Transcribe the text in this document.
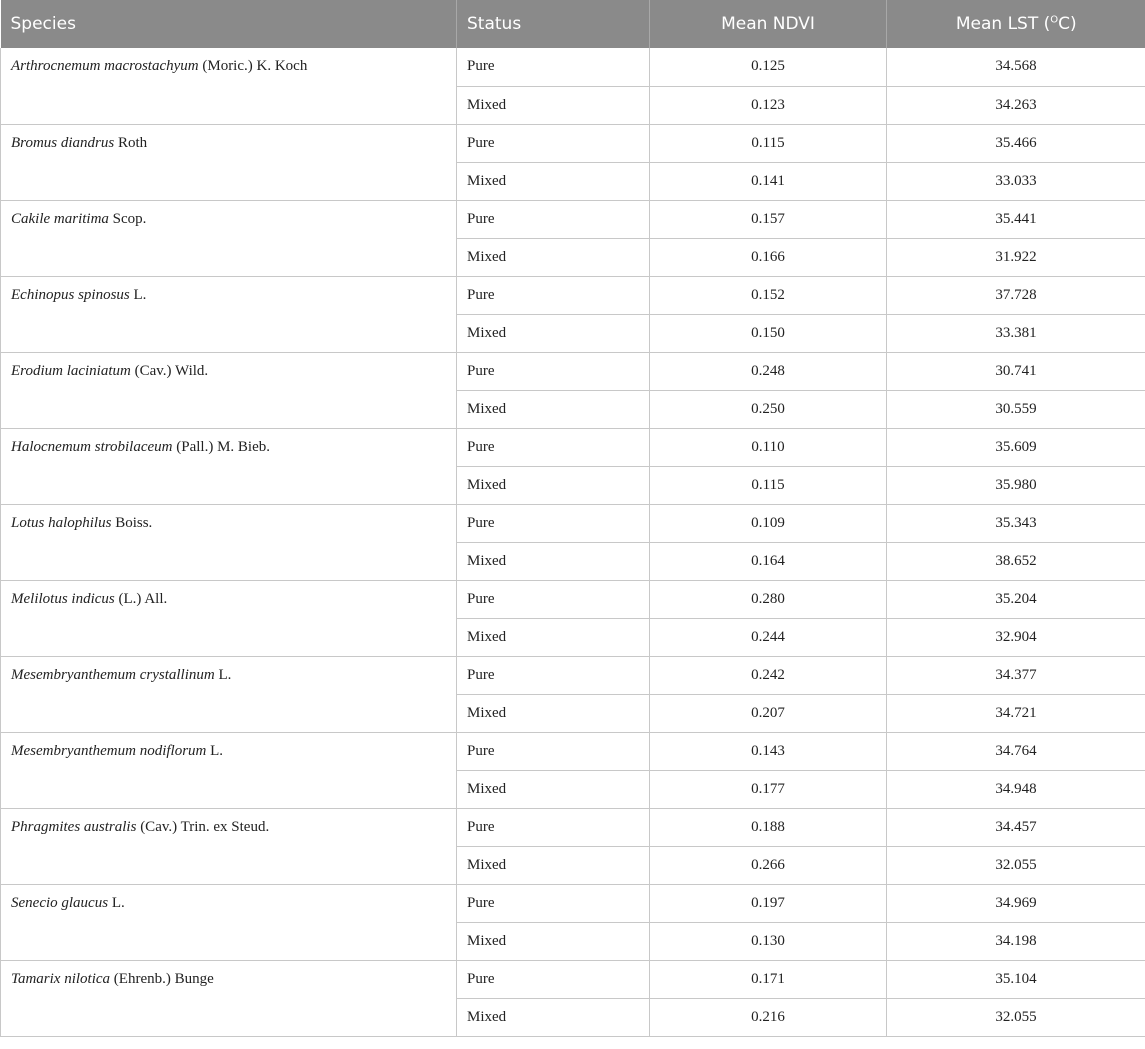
Species	Status	Mean NDVI	Mean LST ($^O$C)
Arthrocnemum macrostachyum (Moric.) K. Koch	Pure	0.125	34.568
	Mixed	0.123	34.263
Bromus diandrus Roth	Pure	0.115	35.466
	Mixed	0.141	33.033
Cakile maritima Scop.	Pure	0.157	35.441
	Mixed	0.166	31.922
Echinopus spinosus L.	Pure	0.152	37.728
	Mixed	0.150	33.381
Erodium laciniatum (Cav.) Wild.	Pure	0.248	30.741
	Mixed	0.250	30.559
Halocnemum strobilaceum (Pall.) M. Bieb.	Pure	0.110	35.609
	Mixed	0.115	35.980
Lotus halophilus Boiss.	Pure	0.109	35.343
	Mixed	0.164	38.652
Melilotus indicus (L.) All.	Pure	0.280	35.204
	Mixed	0.244	32.904
Mesembryanthemum crystallinum L.	Pure	0.242	34.377
	Mixed	0.207	34.721
Mesembryanthemum nodiflorum L.	Pure	0.143	34.764
	Mixed	0.177	34.948
Phragmites australis (Cav.) Trin. ex Steud.	Pure	0.188	34.457
	Mixed	0.266	32.055
Senecio glaucus L.	Pure	0.197	34.969
	Mixed	0.130	34.198
Tamarix nilotica (Ehrenb.) Bunge	Pure	0.171	35.104
	Mixed	0.216	32.055
